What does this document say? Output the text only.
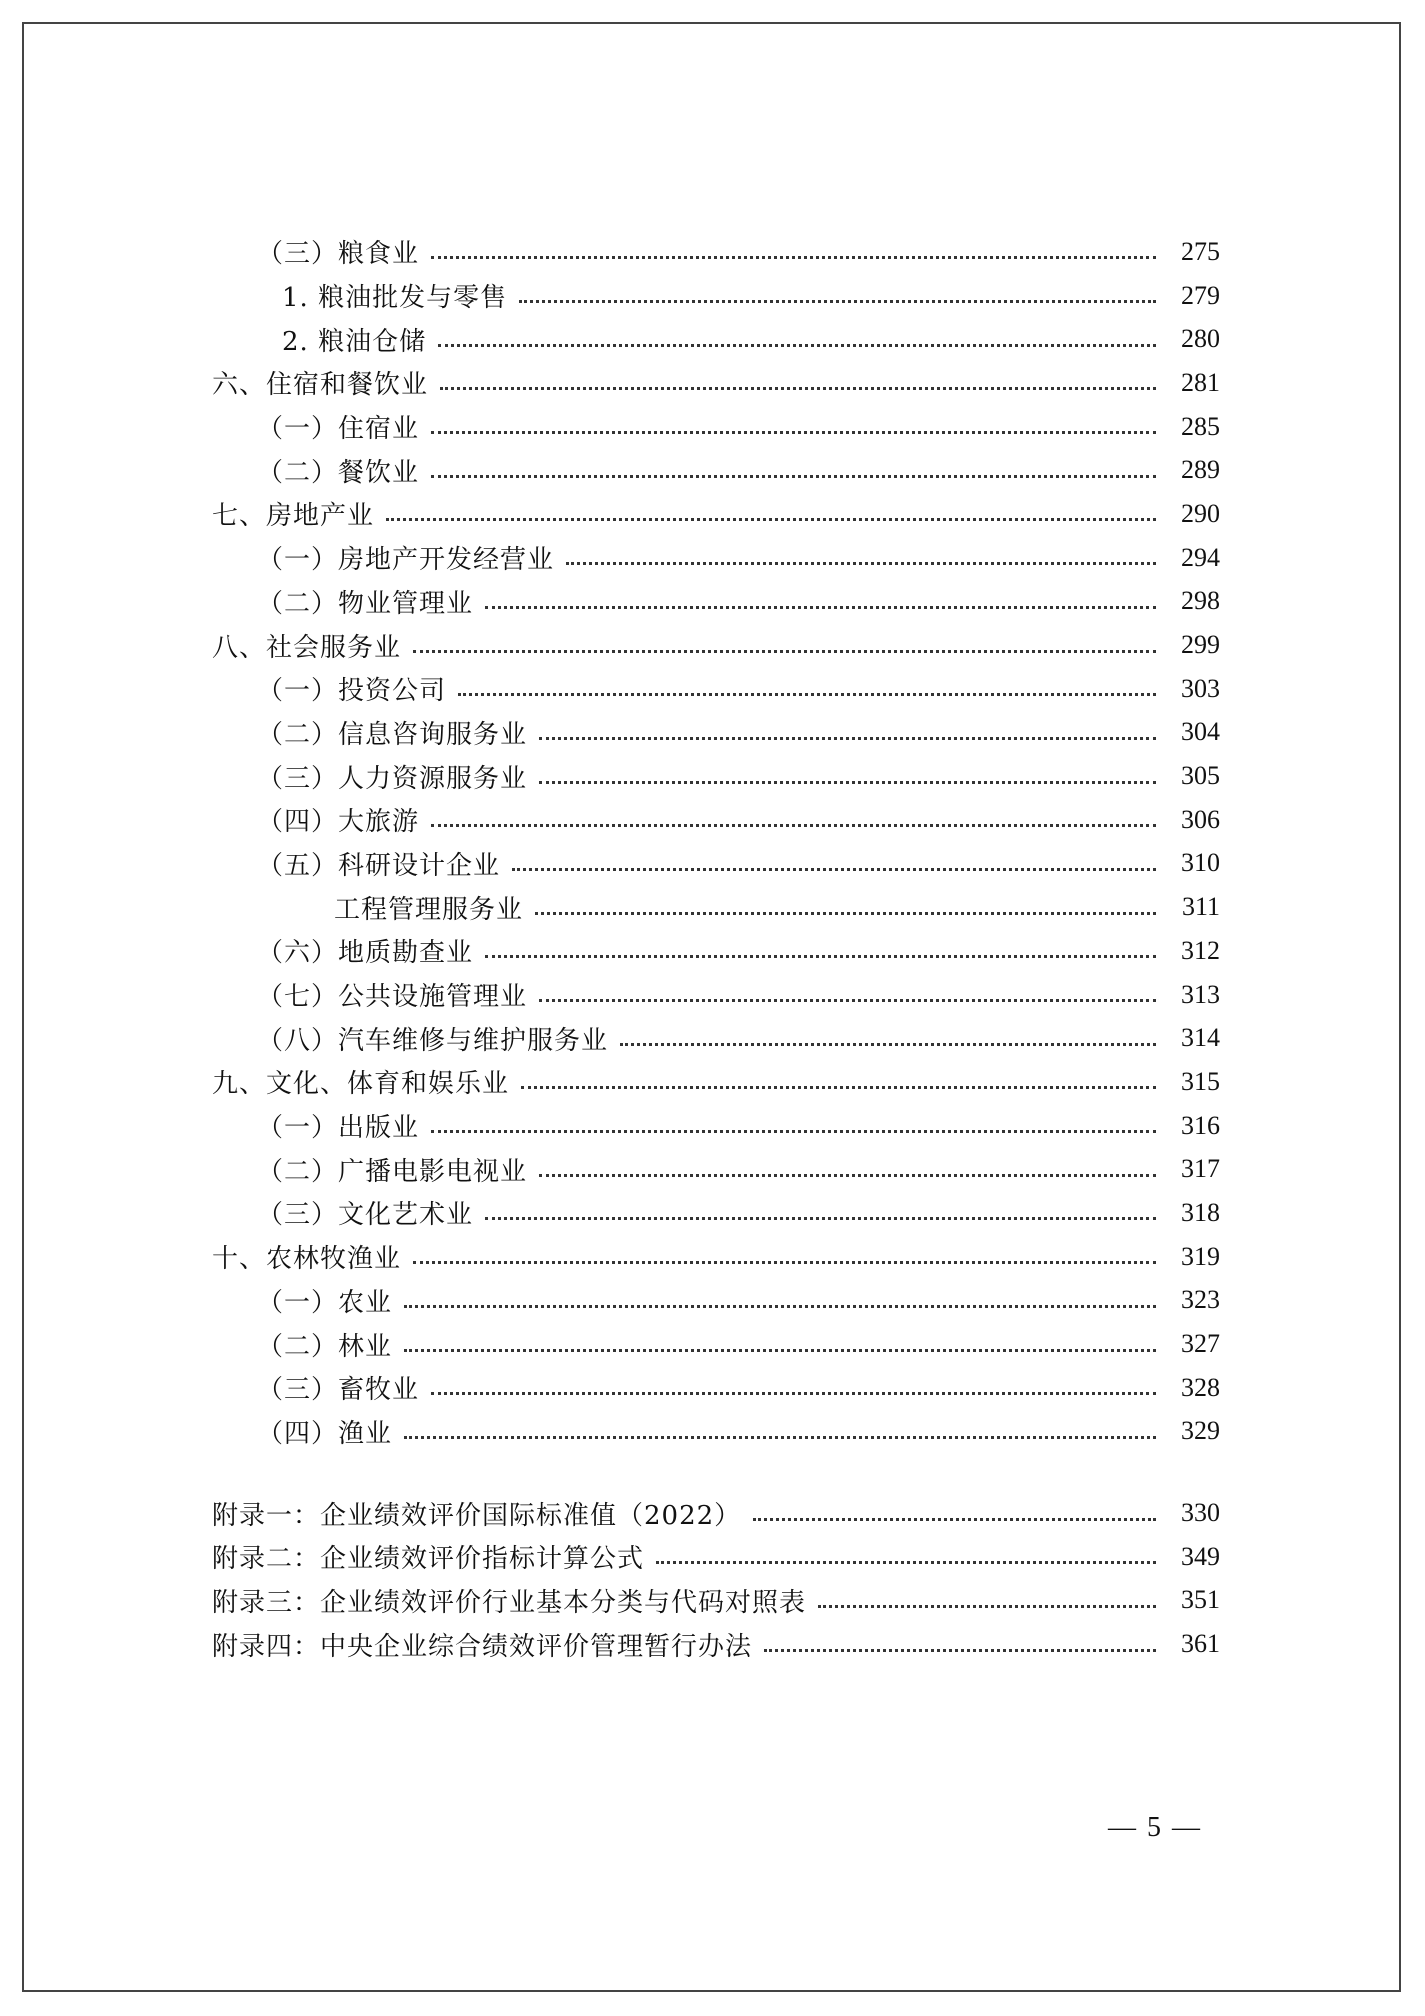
（三）粮食业	275
1. 粮油批发与零售	279
2. 粮油仓储	280
六、住宿和餐饮业	281
（一）住宿业	285
（二）餐饮业	289
七、房地产业	290
（一）房地产开发经营业	294
（二）物业管理业	298
八、社会服务业	299
（一）投资公司	303
（二）信息咨询服务业	304
（三）人力资源服务业	305
（四）大旅游	306
（五）科研设计企业	310
工程管理服务业	311
（六）地质勘查业	312
（七）公共设施管理业	313
（八）汽车维修与维护服务业	314
九、文化、体育和娱乐业	315
（一）出版业	316
（二）广播电影电视业	317
（三）文化艺术业	318
十、农林牧渔业	319
（一）农业	323
（二）林业	327
（三）畜牧业	328
（四）渔业	329
附录一：企业绩效评价国际标准值（2022）	330
附录二：企业绩效评价指标计算公式	349
附录三：企业绩效评价行业基本分类与代码对照表	351
附录四：中央企业综合绩效评价管理暂行办法	361
— 5 —
